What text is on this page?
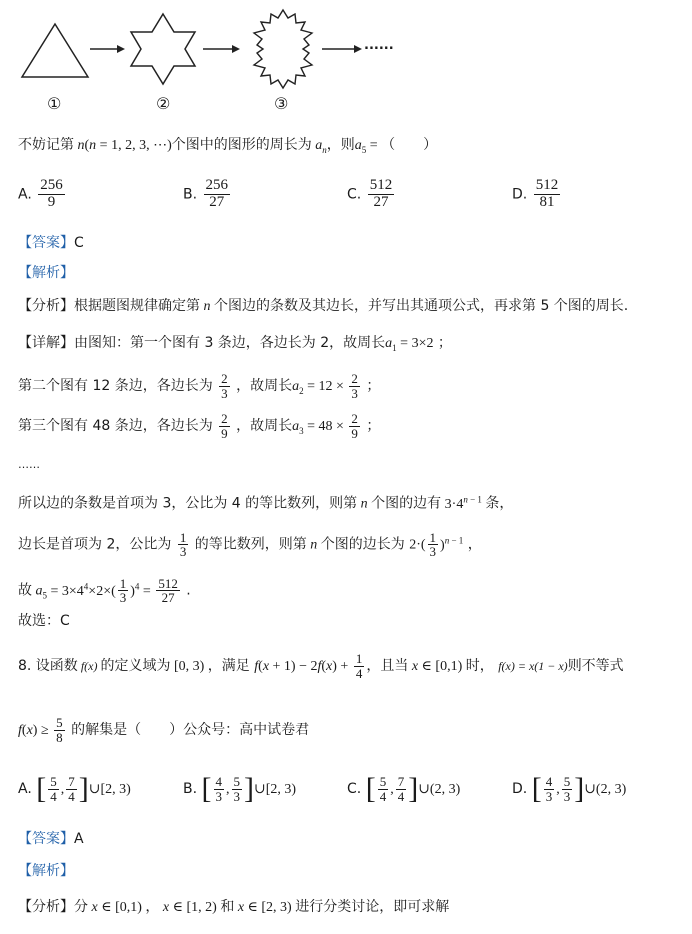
......
①	②	③
不妨记第 n(n = 1, 2, 3, ⋯)个图中的图形的周长为 $a_n$，则$a_5$ = （　　）
A. $\frac{256}{9}$	B. $\frac{256}{27}$	C. $\frac{512}{27}$	D. $\frac{512}{81}$
【答案】C
【解析】
【分析】根据题图规律确定第 n 个图边的条数及其边长，并写出其通项公式，再求第 5 个图的周长.
【详解】由图知：第一个图有 3 条边，各边长为 2，故周长$a_1 = 3\times 2$ ；
第二个图有 12 条边，各边长为 $\frac{2}{3}$ ，故周长$a_2 = 12 \times \frac{2}{3}$ ；
第三个图有 48 条边，各边长为 $\frac{2}{9}$ ，故周长$a_3 = 48 \times \frac{2}{9}$ ；
……
所以边的条数是首项为 3，公比为 4 的等比数列，则第 n 个图的边有 $3\cdot 4^{n - 1}$ 条，
边长是首项为 2，公比为 $\frac{1}{3}$ 的等比数列，则第 n 个图的边长为 $2\cdot( \frac{1}{3} )^{n - 1}$ ，
故 $a_5 = 3\times 4^4\times 2\times( \frac{1}{3} )^4 = \frac{512}{27}$ .
故选：C
8. 设函数 f(x) 的定义域为 [0, 3) ，满足 $f(x + 1) - 2f(x) + \frac{1}{4}$ ，且当 x ∈ [0,1) 时， f(x) = x(1 − x)则不等式
$f(x) \ge \frac{5}{8}$ 的解集是（　　）公众号：高中试卷君
A. [ $\frac{5}{4}$ , $\frac{7}{4}$ ]∪[2, 3)	B. [ $\frac{4}{3}$ , $\frac{5}{3}$ ]∪[2, 3)	C. [ $\frac{5}{4}$ , $\frac{7}{4}$ ]∪(2, 3)	D. [ $\frac{4}{3}$ , $\frac{5}{3}$ ]∪(2, 3)
【答案】A
【解析】
【分析】分 x ∈ [0,1) ， x ∈ [1, 2) 和 x ∈ [2, 3) 进行分类讨论，即可求解
